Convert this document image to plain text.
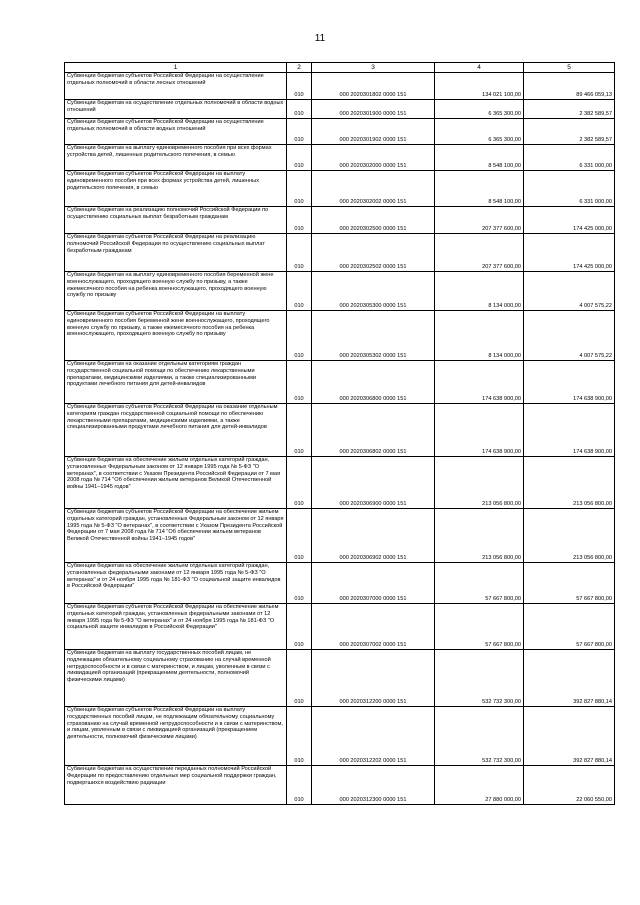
11
1	2	3	4	5
Субвенции бюджетам субъектов Российской Федерации на осуществление отдельных полномочий в области лесных отношений	010	000 2020301802 0000 151	134 021 100,00	89 466 059,13
Субвенции бюджетам на осуществление отдельных полномочий в области водных отношений	010	000 2020301900 0000 151	6 365 300,00	2 382 589,57
Субвенции бюджетам субъектов Российской Федерации на осуществление отдельных полномочий в области водных отношений	010	000 2020301902 0000 151	6 365 300,00	2 382 589,57
Субвенции бюджетам на выплату единовременного пособия при всех формах устройства детей, лишенных родительского попечения, в семью	010	000 2020302000 0000 151	8 548 100,00	6 331 000,00
Субвенции бюджетам субъектов Российской Федерации на выплату единовременного пособия при всех формах устройства детей, лишенных родительского попечения, в семью	010	000 2020302002 0000 151	8 548 100,00	6 331 000,00
Субвенции бюджетам на реализацию полномочий Российской Федерации по осуществлению социальных выплат безработным гражданам	010	000 2020302500 0000 151	207 377 600,00	174 425 000,00
Субвенции бюджетам субъектов Российской Федерации на реализацию полномочий Российской Федерации по осуществлению социальных выплат безработным гражданам	010	000 2020302502 0000 151	207 377 600,00	174 425 000,00
Субвенции бюджетам на выплату единовременного пособия беременной жене военнослужащего, проходящего военную службу по призыву, а также ежемесячного пособия на ребенка военнослужащего, проходящего военную службу по призыву	010	000 2020305300 0000 151	8 134 000,00	4 007 575,22
Субвенции бюджетам субъектов Российской Федерации на выплату единовременного пособия беременной жене военнослужащего, проходящего военную службу по призыву, а также ежемесячного пособия на ребенка военнослужащего, проходящего военную службу по призыву	010	000 2020305302 0000 151	8 134 000,00	4 007 575,22
Субвенции бюджетам на оказание отдельным категориям граждан государственной социальной помощи по обеспечению лекарственными препаратами, медицинскими изделиями, а также специализированными продуктами лечебного питания для детей-инвалидов	010	000 2020306800 0000 151	174 638 900,00	174 638 900,00
Субвенции бюджетам субъектов Российской Федерации на оказание отдельным категориям граждан государственной социальной помощи по обеспечению лекарственными препаратами, медицинскими изделиями, а также специализированными продуктами лечебного питания для детей-инвалидов	010	000 2020306802 0000 151	174 638 900,00	174 638 900,00
Субвенции бюджетам на обеспечение жильем отдельных категорий граждан, установленных Федеральным законом от 12 января 1995 года № 5-ФЗ "О ветеранах", в соответствии с Указом Президента Российской Федерации от 7 мая 2008 года № 714 "Об обеспечении жильем ветеранов Великой Отечественной войны 1941–1945 годов"	010	000 2020306900 0000 151	213 056 800,00	213 056 800,00
Субвенции бюджетам субъектов Российской Федерации на обеспечение жильем отдельных категорий граждан, установленных Федеральным законом от 12 января 1995 года № 5-ФЗ "О ветеранах", в соответствии с Указом Президента Российской Федерации от 7 мая 2008 года № 714 "Об обеспечении жильем ветеранов Великой Отечественной войны 1941–1945 годов"	010	000 2020306902 0000 151	213 056 800,00	213 056 800,00
Субвенции бюджетам на обеспечение жильем отдельных категорий граждан, установленных федеральными законами от 12 января 1995 года № 5-ФЗ "О ветеранах" и от 24 ноября 1995 года № 181-ФЗ "О социальной защите инвалидов в Российской Федерации"	010	000 2020307000 0000 151	57 667 800,00	57 667 800,00
Субвенции бюджетам субъектов Российской Федерации на обеспечение жильем отдельных категорий граждан, установленных федеральными законами от 12 января 1995 года № 5-ФЗ "О ветеранах" и от 24 ноября 1995 года № 181-ФЗ "О социальной защите инвалидов в Российской Федерации"	010	000 2020307002 0000 151	57 667 800,00	57 667 800,00
Субвенции бюджетам на выплату государственных пособий лицам, не подлежащим обязательному социальному страхованию на случай временной нетрудоспособности и в связи с материнством, и лицам, уволенным в связи с ликвидацией организаций (прекращением деятельности, полномочий физическими лицами)	010	000 2020312200 0000 151	532 732 300,00	392 827 880,14
Субвенции бюджетам субъектов Российской Федерации на выплату государственных пособий лицам, не подлежащим обязательному социальному страхованию на случай временной нетрудоспособности и в связи с материнством, и лицам, уволенным в связи с ликвидацией организаций (прекращением деятельности, полномочий физическими лицами)	010	000 2020312202 0000 151	532 732 300,00	392 827 880,14
Субвенции бюджетам на осуществление переданных полномочий Российской Федерации по предоставлению отдельных мер социальной поддержки граждан, подвергшихся воздействию радиации	010	000 2020312300 0000 151	27 880 000,00	22 060 550,00
